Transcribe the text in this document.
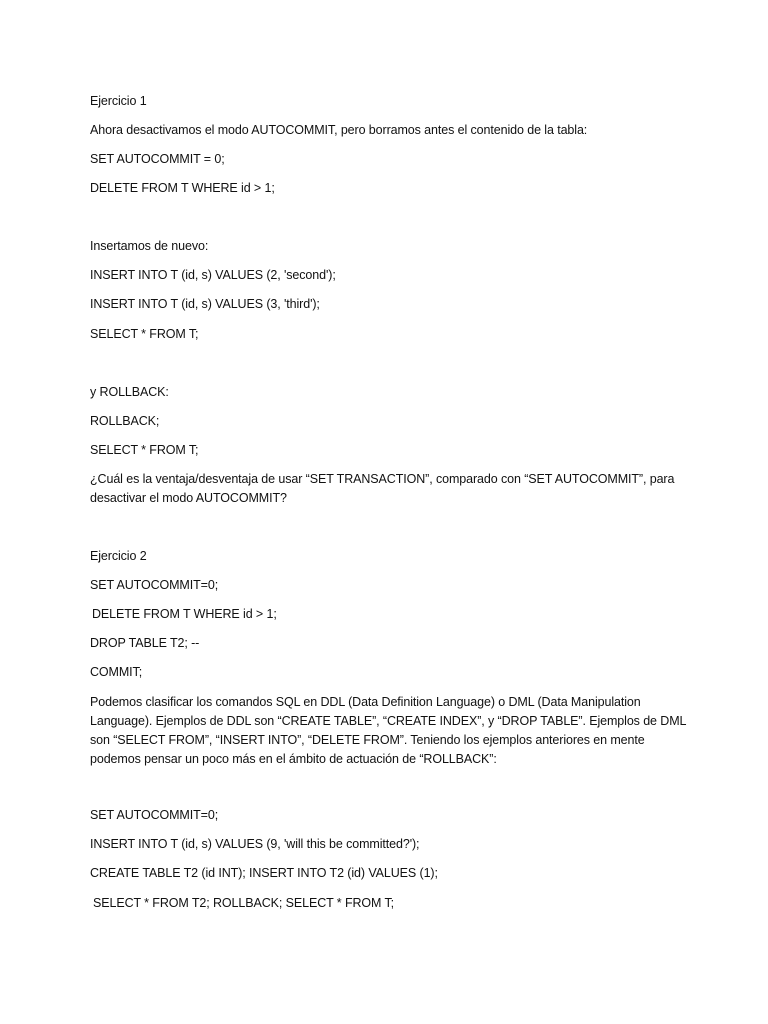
Ejercicio 1
Ahora desactivamos el modo AUTOCOMMIT, pero borramos antes el contenido de la tabla:
SET AUTOCOMMIT = 0;
DELETE FROM T WHERE id > 1;
Insertamos de nuevo:
INSERT INTO T (id, s) VALUES (2, 'second');
INSERT INTO T (id, s) VALUES (3, 'third');
SELECT * FROM T;
y ROLLBACK:
ROLLBACK;
SELECT * FROM T;
¿Cuál es la ventaja/desventaja de usar “SET TRANSACTION”, comparado con “SET AUTOCOMMIT”, para
desactivar el modo AUTOCOMMIT?
Ejercicio 2
SET AUTOCOMMIT=0;
DELETE FROM T WHERE id > 1;
DROP TABLE T2; --
COMMIT;
Podemos clasificar los comandos SQL en DDL (Data Definition Language) o DML (Data Manipulation
Language). Ejemplos de DDL son “CREATE TABLE”, “CREATE INDEX”, y “DROP TABLE”. Ejemplos de DML
son “SELECT FROM”, “INSERT INTO”, “DELETE FROM”. Teniendo los ejemplos anteriores en mente
podemos pensar un poco más en el ámbito de actuación de “ROLLBACK”:
SET AUTOCOMMIT=0;
INSERT INTO T (id, s) VALUES (9, 'will this be committed?');
CREATE TABLE T2 (id INT); INSERT INTO T2 (id) VALUES (1);
SELECT * FROM T2; ROLLBACK; SELECT * FROM T;
